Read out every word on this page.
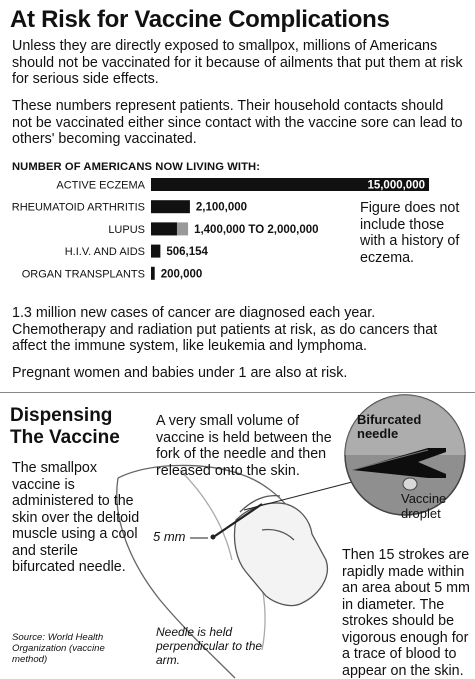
At Risk for Vaccine Complications
Unless they are directly exposed to smallpox, millions of Americans should not be vaccinated for it because of ailments that put them at risk for serious side effects.
These numbers represent patients. Their household contacts should not be vaccinated either since contact with the vaccine sore can lead to others' becoming vaccinated.
NUMBER OF AMERICANS NOW LIVING WITH:
ACTIVE ECZEMA	15,000,000
RHEUMATOID ARTHRITIS	2,100,000
LUPUS	1,400,000 TO 2,000,000
H.I.V. AND AIDS 506,154
ORGAN TRANSPLANTS 200,000
Figure does not include those with a history of eczema.
1.3 million new cases of cancer are diagnosed each year. Chemotherapy and radiation put patients at risk, as do cancers that affect the immune system, like leukemia and lymphoma.
Pregnant women and babies under 1 are also at risk.
Dispensing
The Vaccine
The smallpox vaccine is administered to the skin over the deltoid muscle using a cool and sterile bifurcated needle.
A very small volume of vaccine is held between the fork of the needle and then released onto the skin.
Then 15 strokes are rapidly made within an area about 5 mm in diameter. The strokes should be vigorous enough for a trace of blood to appear on the skin.
Needle is held perpendicular to the arm.
Source: World Health Organization (vaccine method)
Bifurcated
needle
Vaccine
droplet
5 mm
